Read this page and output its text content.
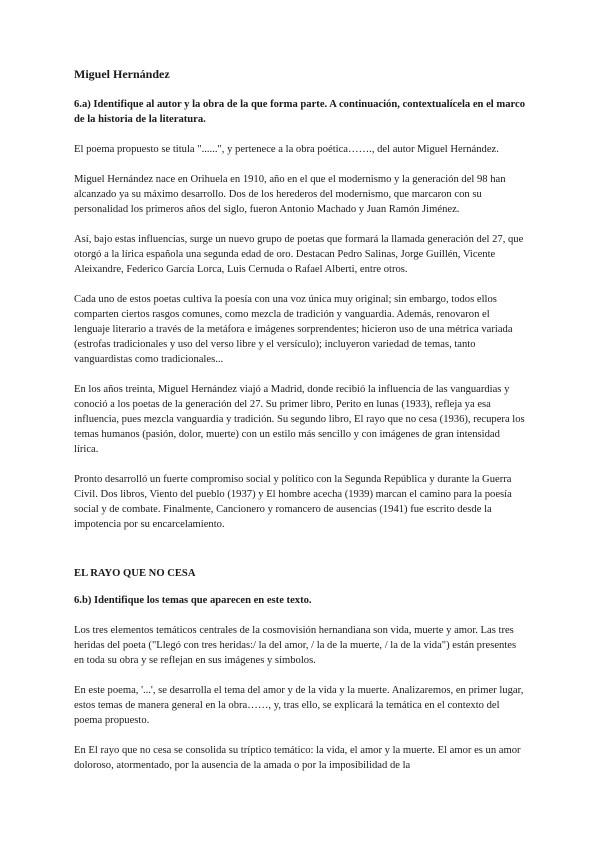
Miguel Hernández
6.a) Identifique al autor y la obra de la que forma parte. A continuación, contextualícela en el marco de la historia de la literatura.

El poema propuesto se titula "......", y pertenece a la obra poética……., del autor Miguel Hernández.

Miguel Hernández nace en Orihuela en 1910, año en el que el modernismo y la generación del 98 han alcanzado ya su máximo desarrollo. Dos de los herederos del modernismo, que marcaron con su personalidad los primeros años del siglo, fueron Antonio Machado y Juan Ramón Jiménez.

Así, bajo estas influencias, surge un nuevo grupo de poetas que formará la llamada generación del 27, que otorgó a la lírica española una segunda edad de oro. Destacan Pedro Salinas, Jorge Guillén, Vicente Aleixandre, Federico García Lorca, Luis Cernuda o Rafael Alberti, entre otros.

Cada uno de estos poetas cultiva la poesía con una voz única muy original; sin embargo, todos ellos comparten ciertos rasgos comunes, como mezcla de tradición y vanguardia. Además, renovaron el lenguaje literario a través de la metáfora e imágenes sorprendentes; hicieron uso de una métrica variada (estrofas tradicionales y uso del verso libre y el versículo); incluyeron variedad de temas, tanto vanguardistas como tradicionales...

En los años treinta, Miguel Hernández viajó a Madrid, donde recibió la influencia de las vanguardias y conoció a los poetas de la generación del 27. Su primer libro, Perito en lunas (1933), refleja ya esa influencia, pues mezcla vanguardia y tradición. Su segundo libro, El rayo que no cesa (1936), recupera los temas humanos (pasión, dolor, muerte) con un estilo más sencillo y con imágenes de gran intensidad lírica.

Pronto desarrolló un fuerte compromiso social y político con la Segunda República y durante la Guerra Civil. Dos libros, Viento del pueblo (1937) y El hombre acecha (1939) marcan el camino para la poesía social y de combate. Finalmente, Cancionero y romancero de ausencias (1941) fue escrito desde la impotencia por su encarcelamiento.

EL RAYO QUE NO CESA
6.b) Identifique los temas que aparecen en este texto.

Los tres elementos temáticos centrales de la cosmovisión hernandiana son vida, muerte y amor. Las tres heridas del poeta ("Llegó con tres heridas:/ la del amor, / la de la muerte, / la de la vida") están presentes en toda su obra y se reflejan en sus imágenes y símbolos.

En este poema, '...', se desarrolla el tema del amor y de la vida y la muerte. Analizaremos, en primer lugar, estos temas de manera general en la obra……, y, tras ello, se explicará la temática en el contexto del poema propuesto.

En El rayo que no cesa se consolida su tríptico temático: la vida, el amor y la muerte. El amor es un amor doloroso, atormentado, por la ausencia de la amada o por la imposibilidad de la
